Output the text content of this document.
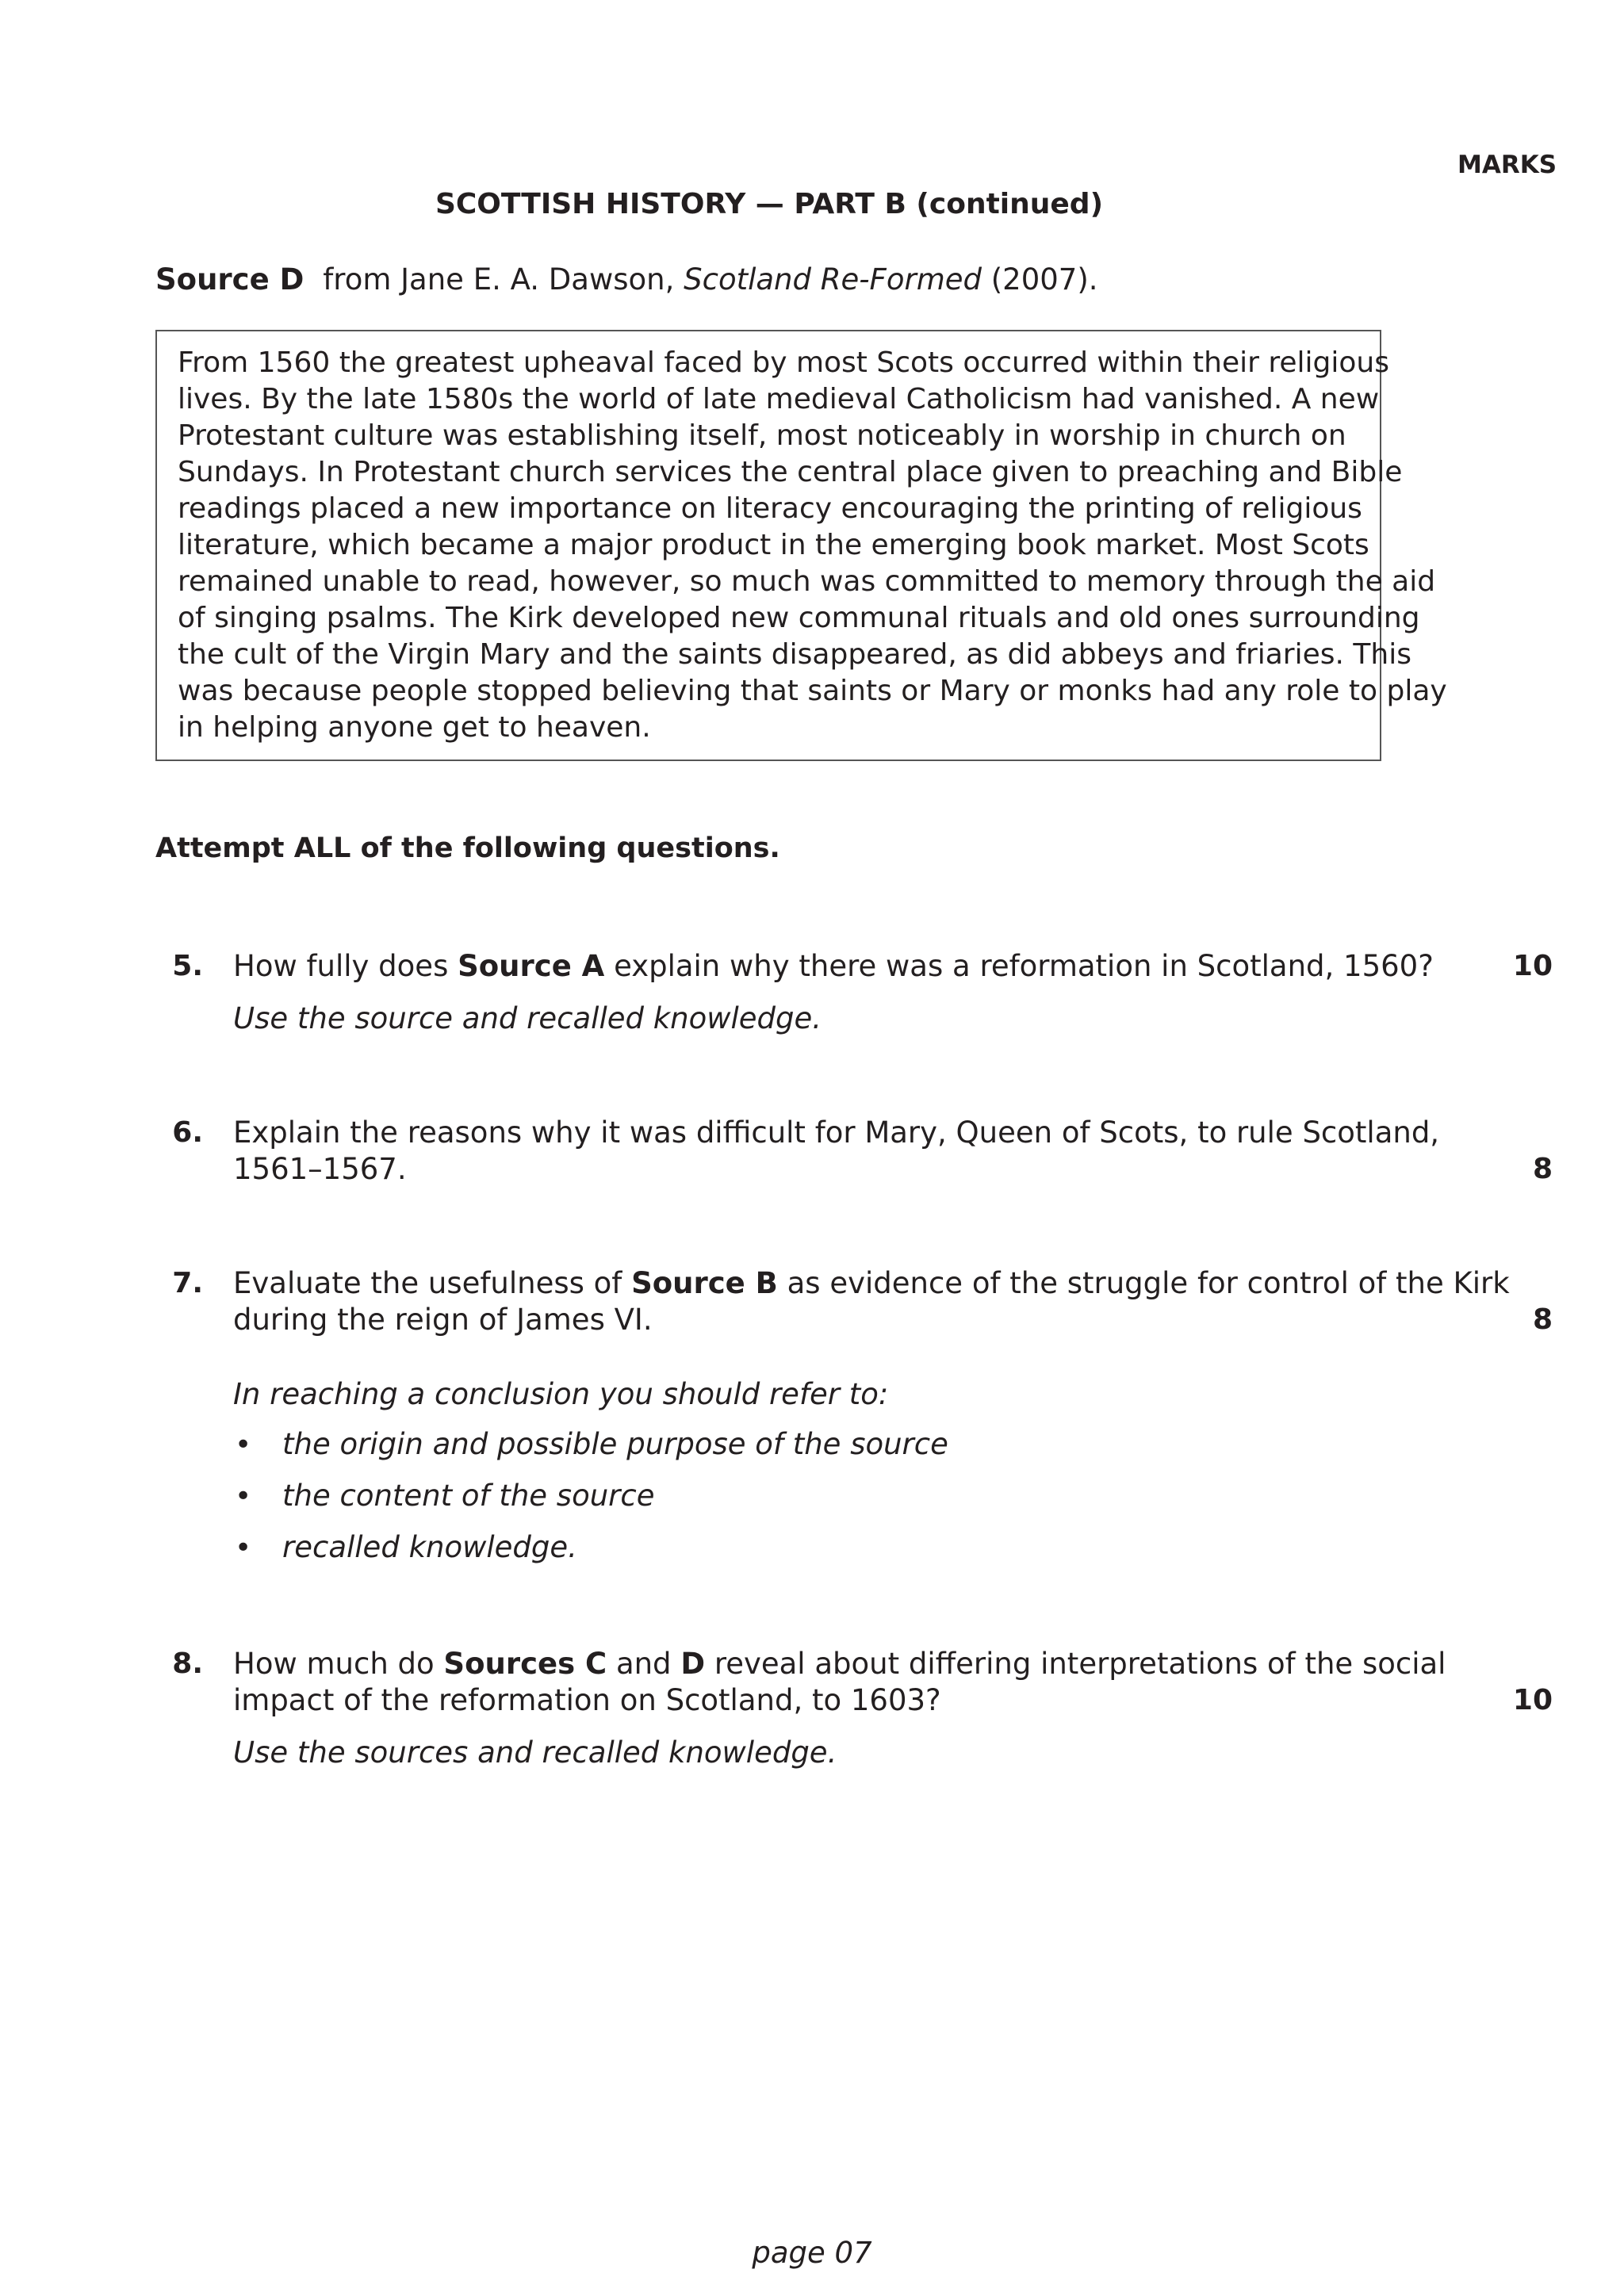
MARKS
SCOTTISH HISTORY — PART B (continued)
Source D from Jane E. A. Dawson, Scotland Re-Formed (2007).
From 1560 the greatest upheaval faced by most Scots occurred within their religious
lives. By the late 1580s the world of late medieval Catholicism had vanished. A new
Protestant culture was establishing itself, most noticeably in worship in church on
Sundays. In Protestant church services the central place given to preaching and Bible
readings placed a new importance on literacy encouraging the printing of religious
literature, which became a major product in the emerging book market. Most Scots
remained unable to read, however, so much was committed to memory through the aid
of singing psalms. The Kirk developed new communal rituals and old ones surrounding
the cult of the Virgin Mary and the saints disappeared, as did abbeys and friaries. This
was because people stopped believing that saints or Mary or monks had any role to play
in helping anyone get to heaven.
Attempt ALL of the following questions.
5. How fully does Source A explain why there was a reformation in Scotland, 1560?
Use the source and recalled knowledge.
10
6. Explain the reasons why it was difficult for Mary, Queen of Scots, to rule Scotland,
1561–1567.	8
7. Evaluate the usefulness of Source B as evidence of the struggle for control of the Kirk
during the reign of James VI.	8
In reaching a conclusion you should refer to:
• the origin and possible purpose of the source
• the content of the source
• recalled knowledge.
8. How much do Sources C and D reveal about differing interpretations of the social
impact of the reformation on Scotland, to 1603?	10
Use the sources and recalled knowledge.
page 07
